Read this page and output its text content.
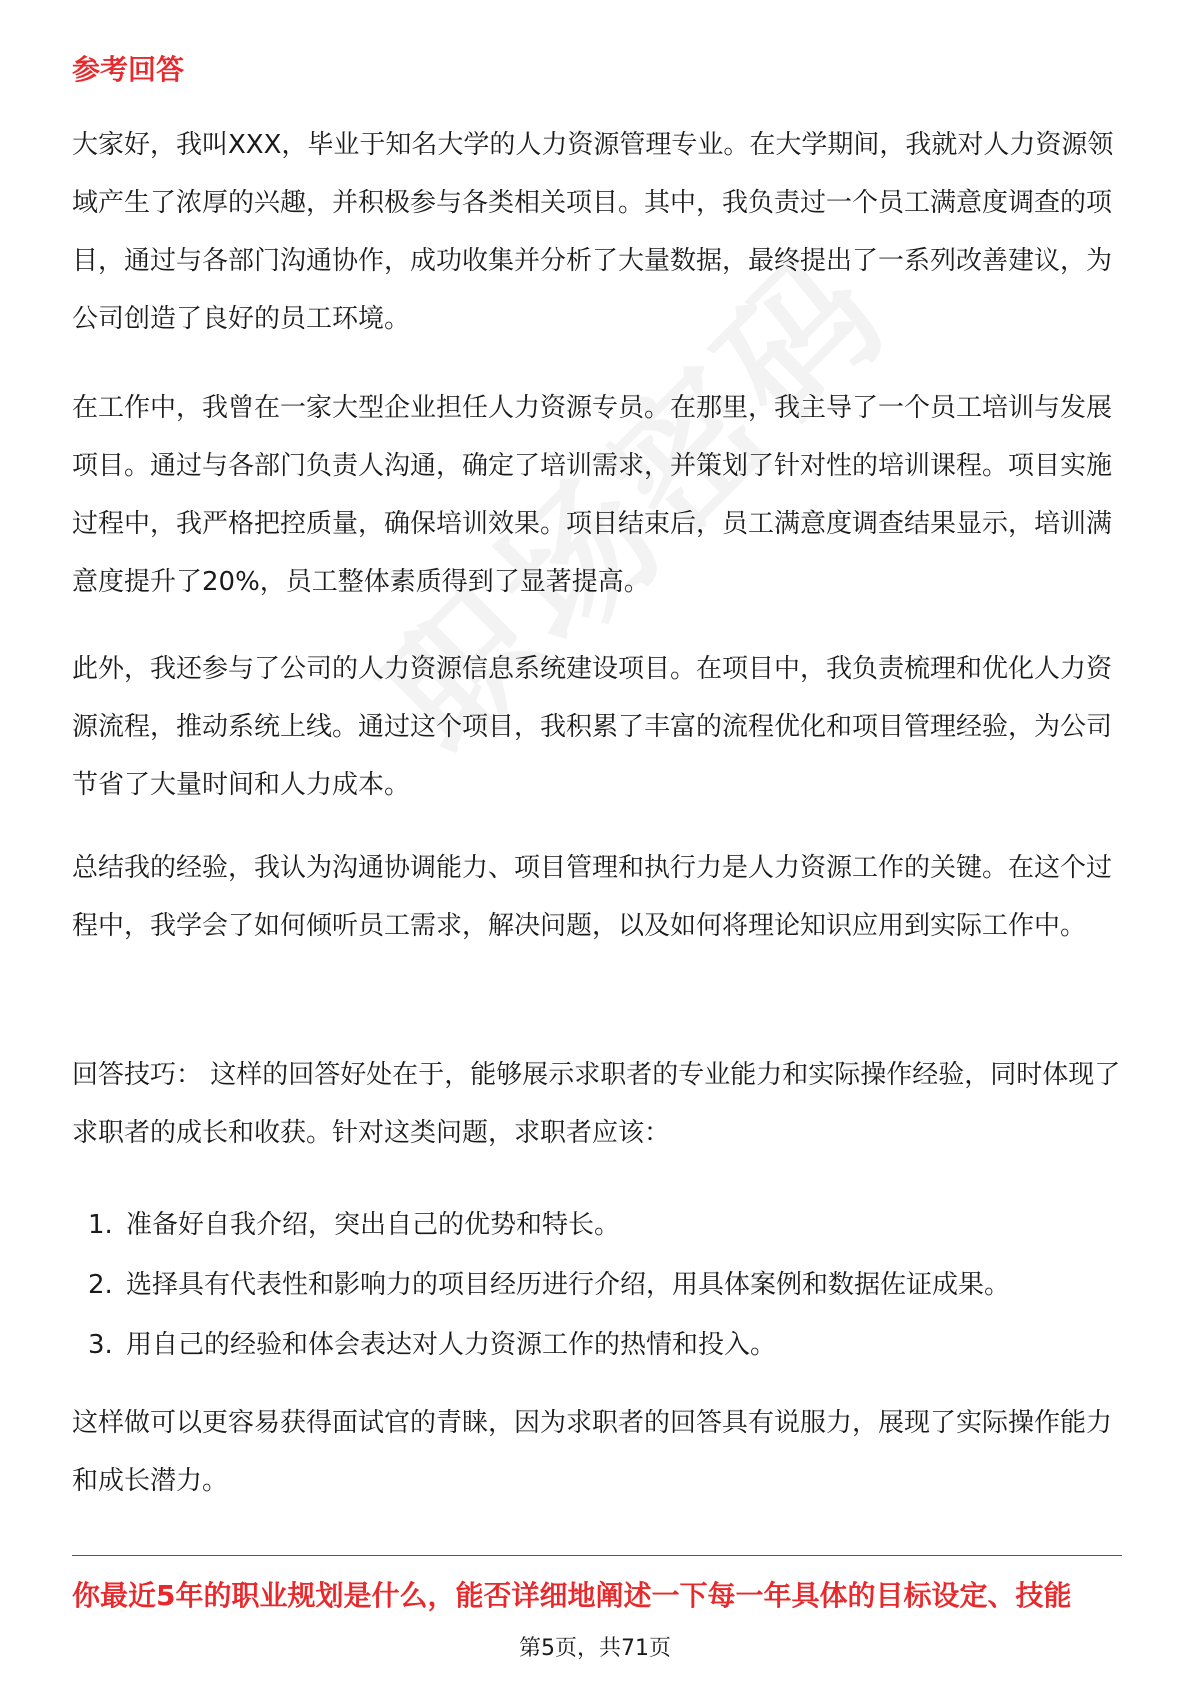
参考回答

大家好，我叫XXX，毕业于知名大学的人力资源管理专业。在大学期间，我就对人力资源领域产生了浓厚的兴趣，并积极参与各类相关项目。其中，我负责过一个员工满意度调查的项目，通过与各部门沟通协作，成功收集并分析了大量数据，最终提出了一系列改善建议，为公司创造了良好的员工环境。

在工作中，我曾在一家大型企业担任人力资源专员。在那里，我主导了一个员工培训与发展项目。通过与各部门负责人沟通，确定了培训需求，并策划了针对性的培训课程。项目实施过程中，我严格把控质量，确保培训效果。项目结束后，员工满意度调查结果显示，培训满意度提升了20%，员工整体素质得到了显著提高。

此外，我还参与了公司的人力资源信息系统建设项目。在项目中，我负责梳理和优化人力资源流程，推动系统上线。通过这个项目，我积累了丰富的流程优化和项目管理经验，为公司节省了大量时间和人力成本。

总结我的经验，我认为沟通协调能力、项目管理和执行力是人力资源工作的关键。在这个过程中，我学会了如何倾听员工需求，解决问题，以及如何将理论知识应用到实际工作中。

回答技巧： 这样的回答好处在于，能够展示求职者的专业能力和实际操作经验，同时体现了求职者的成长和收获。针对这类问题，求职者应该：

1. 准备好自我介绍，突出自己的优势和特长。
2. 选择具有代表性和影响力的项目经历进行介绍，用具体案例和数据佐证成果。
3. 用自己的经验和体会表达对人力资源工作的热情和投入。

这样做可以更容易获得面试官的青睐，因为求职者的回答具有说服力，展现了实际操作能力和成长潜力。

你最近5年的职业规划是什么，能否详细地阐述一下每一年具体的目标设定、技能
第5页，共71页
